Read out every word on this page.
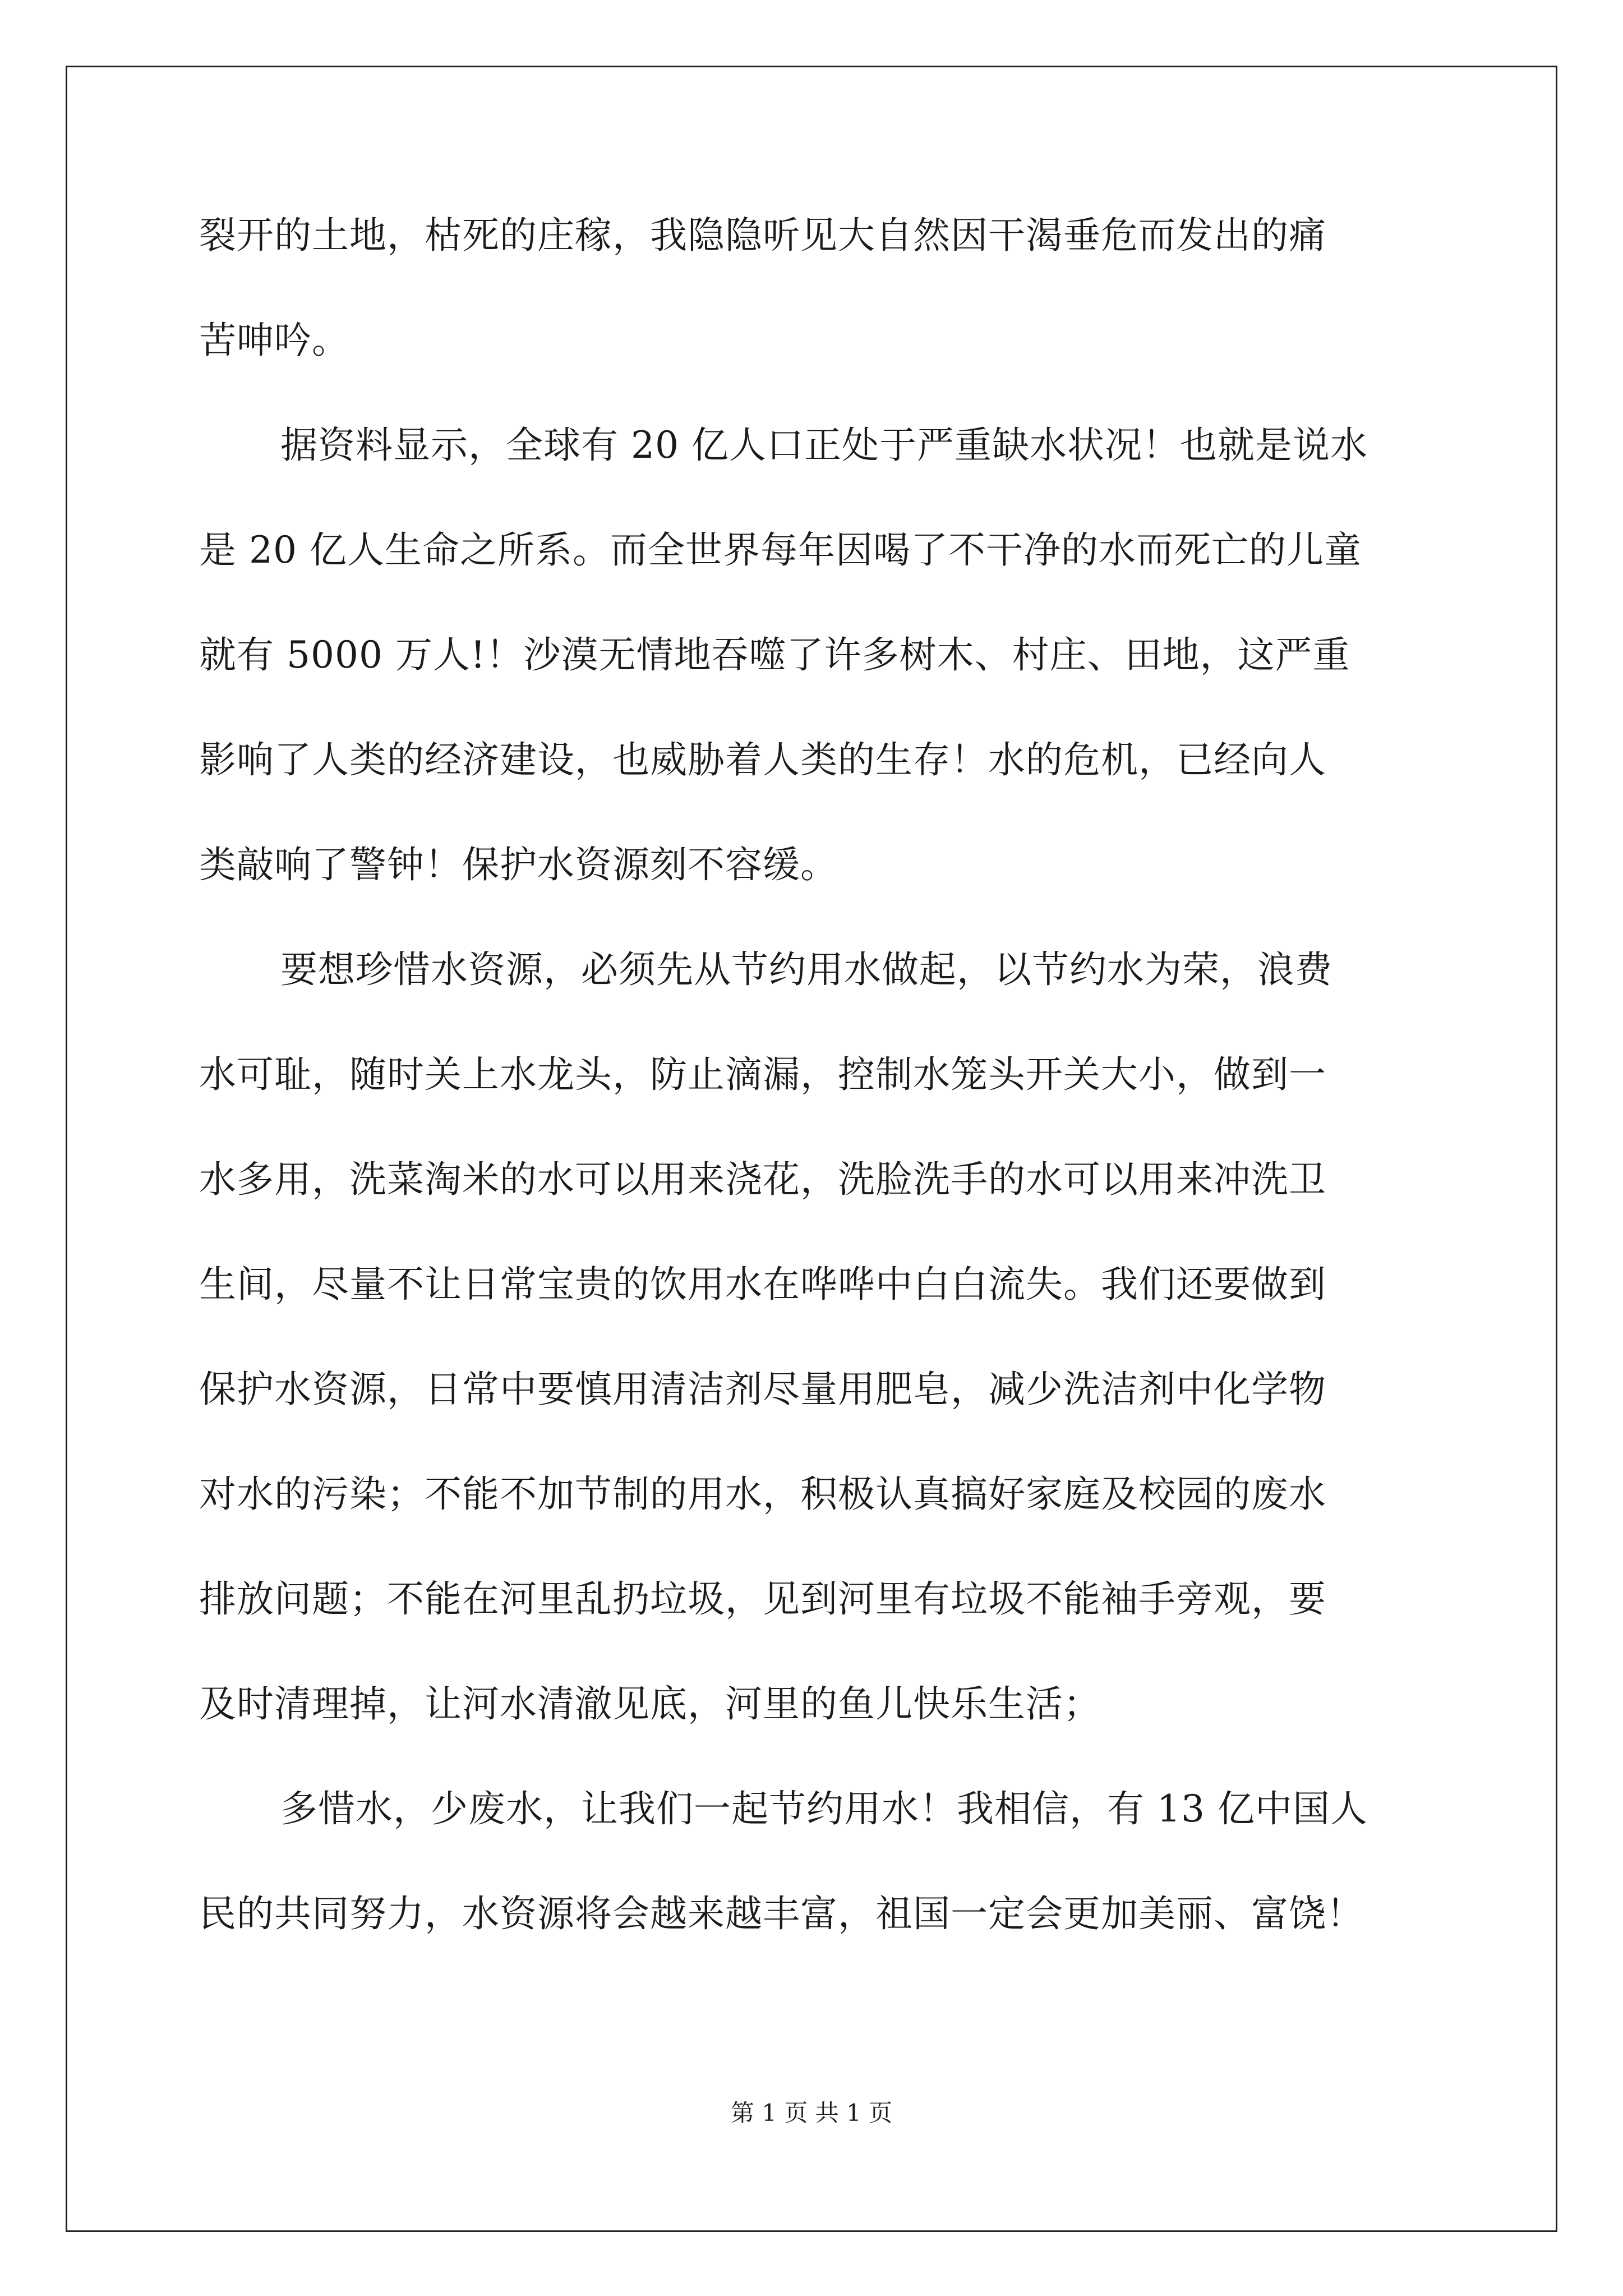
裂开的土地，枯死的庄稼，我隐隐听见大自然因干渴垂危而发出的痛
苦呻吟。
据资料显示，全球有 20 亿人口正处于严重缺水状况！也就是说水
是 20 亿人生命之所系。而全世界每年因喝了不干净的水而死亡的儿童
就有 5000 万人!！沙漠无情地吞噬了许多树木、村庄、田地，这严重
影响了人类的经济建设，也威胁着人类的生存！水的危机，已经向人
类敲响了警钟！保护水资源刻不容缓。
要想珍惜水资源，必须先从节约用水做起，以节约水为荣，浪费
水可耻，随时关上水龙头，防止滴漏，控制水笼头开关大小，做到一
水多用，洗菜淘米的水可以用来浇花，洗脸洗手的水可以用来冲洗卫
生间，尽量不让日常宝贵的饮用水在哗哗中白白流失。我们还要做到
保护水资源，日常中要慎用清洁剂尽量用肥皂，减少洗洁剂中化学物
对水的污染；不能不加节制的用水，积极认真搞好家庭及校园的废水
排放问题；不能在河里乱扔垃圾，见到河里有垃圾不能袖手旁观，要
及时清理掉，让河水清澈见底，河里的鱼儿快乐生活；
多惜水，少废水，让我们一起节约用水！我相信，有 13 亿中国人
民的共同努力，水资源将会越来越丰富，祖国一定会更加美丽、富饶！
第 1 页 共 1 页
